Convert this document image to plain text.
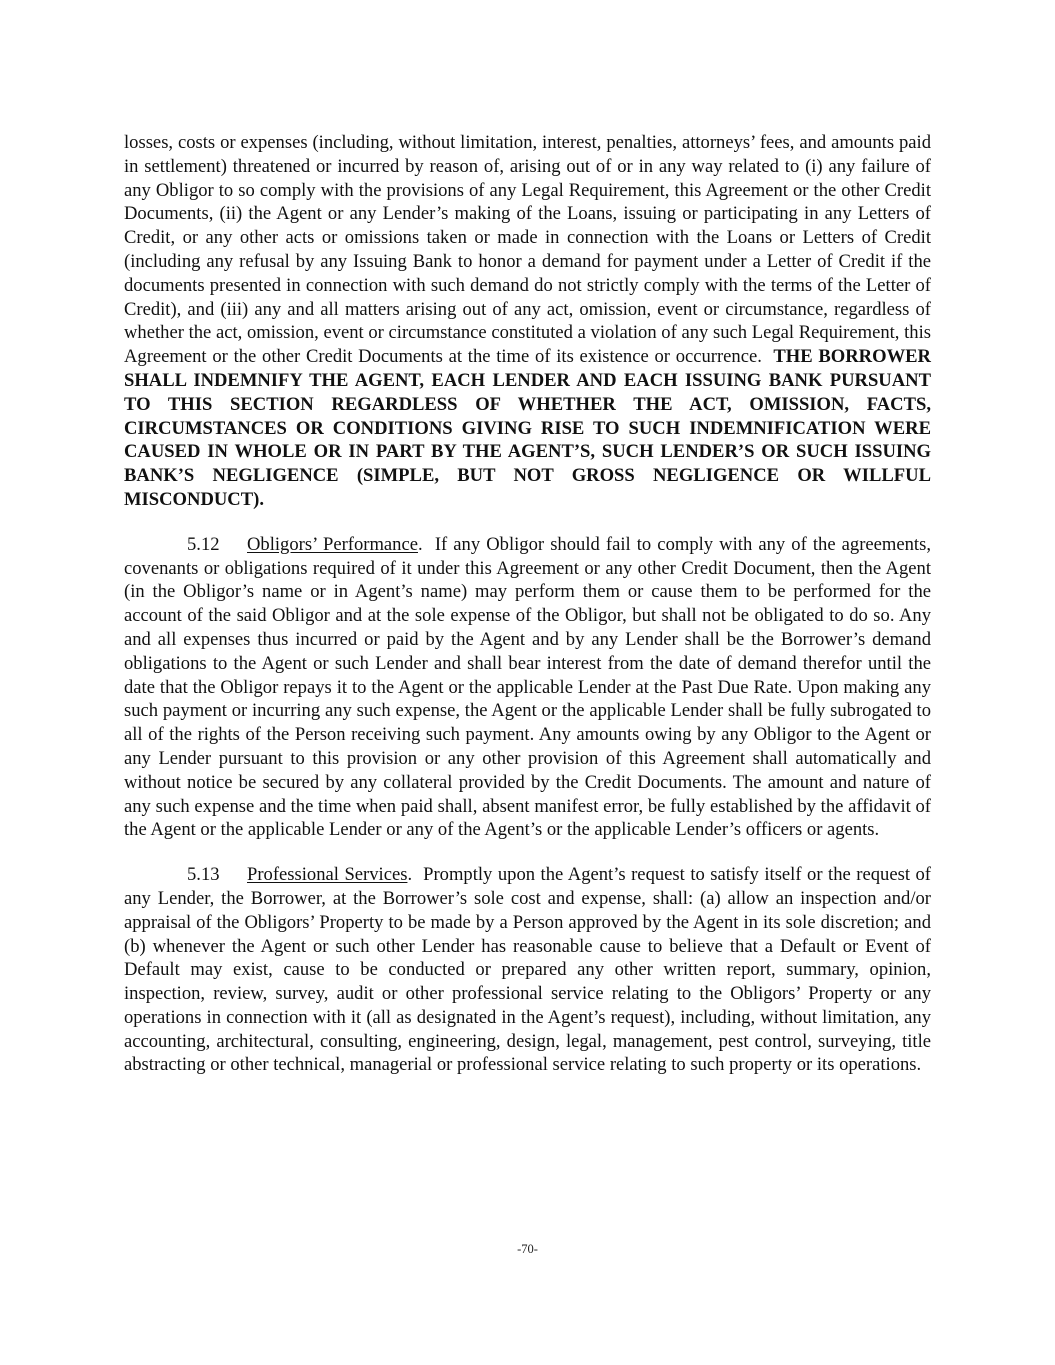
losses, costs or expenses (including, without limitation, interest, penalties, attorneys’ fees, and amounts paid in settlement) threatened or incurred by reason of, arising out of or in any way related to (i) any failure of any Obligor to so comply with the provisions of any Legal Requirement, this Agreement or the other Credit Documents, (ii) the Agent or any Lender’s making of the Loans, issuing or participating in any Letters of Credit, or any other acts or omissions taken or made in connection with the Loans or Letters of Credit (including any refusal by any Issuing Bank to honor a demand for payment under a Letter of Credit if the documents presented in connection with such demand do not strictly comply with the terms of the Letter of Credit), and (iii) any and all matters arising out of any act, omission, event or circumstance, regardless of whether the act, omission, event or circumstance constituted a violation of any such Legal Requirement, this Agreement or the other Credit Documents at the time of its existence or occurrence. THE BORROWER SHALL INDEMNIFY THE AGENT, EACH LENDER AND EACH ISSUING BANK PURSUANT TO THIS SECTION REGARDLESS OF WHETHER THE ACT, OMISSION, FACTS, CIRCUMSTANCES OR CONDITIONS GIVING RISE TO SUCH INDEMNIFICATION WERE CAUSED IN WHOLE OR IN PART BY THE AGENT’S, SUCH LENDER’S OR SUCH ISSUING BANK’S NEGLIGENCE (SIMPLE, BUT NOT GROSS NEGLIGENCE OR WILLFUL MISCONDUCT).

5.12 Obligors’ Performance.  If any Obligor should fail to comply with any of the agreements, covenants or obligations required of it under this Agreement or any other Credit Document, then the Agent (in the Obligor’s name or in Agent’s name) may perform them or cause them to be performed for the account of the said Obligor and at the sole expense of the Obligor, but shall not be obligated to do so. Any and all expenses thus incurred or paid by the Agent and by any Lender shall be the Borrower’s demand obligations to the Agent or such Lender and shall bear interest from the date of demand therefor until the date that the Obligor repays it to the Agent or the applicable Lender at the Past Due Rate. Upon making any such payment or incurring any such expense, the Agent or the applicable Lender shall be fully subrogated to all of the rights of the Person receiving such payment. Any amounts owing by any Obligor to the Agent or any Lender pursuant to this provision or any other provision of this Agreement shall automatically and without notice be secured by any collateral provided by the Credit Documents. The amount and nature of any such expense and the time when paid shall, absent manifest error, be fully established by the affidavit of the Agent or the applicable Lender or any of the Agent’s or the applicable Lender’s officers or agents.

5.13 Professional Services.  Promptly upon the Agent’s request to satisfy itself or the request of any Lender, the Borrower, at the Borrower’s sole cost and expense, shall: (a) allow an inspection and/or appraisal of the Obligors’ Property to be made by a Person approved by the Agent in its sole discretion; and (b) whenever the Agent or such other Lender has reasonable cause to believe that a Default or Event of Default may exist, cause to be conducted or prepared any other written report, summary, opinion, inspection, review, survey, audit or other professional service relating to the Obligors’ Property or any operations in connection with it (all as designated in the Agent’s request), including, without limitation, any accounting, architectural, consulting, engineering, design, legal, management, pest control, surveying, title abstracting or other technical, managerial or professional service relating to such property or its operations.

-70-
